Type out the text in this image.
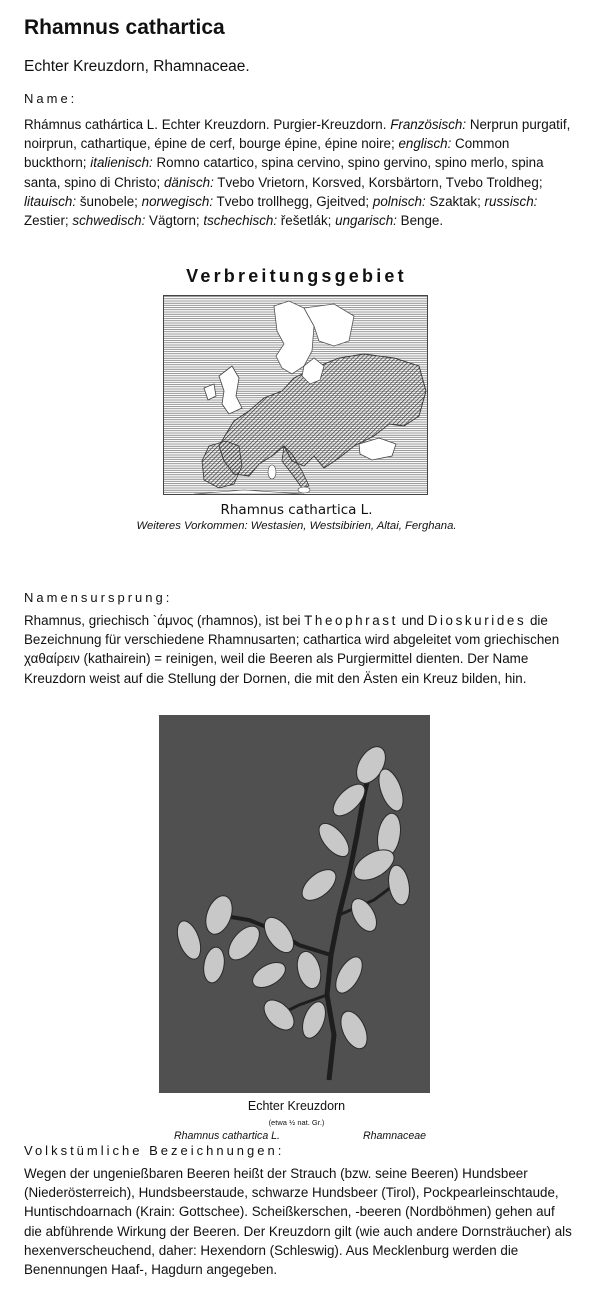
Rhamnus cathartica
Echter Kreuzdorn, Rhamnaceae.
Name:
Rhámnus cathártica L. Echter Kreuzdorn. Purgier-Kreuzdorn. Französisch: Nerprun purgatif, noirprun, cathartique, épine de cerf, bourge épine, épine noire; englisch: Common buckthorn; italienisch: Romno catartico, spina cervino, spino gervino, spino merlo, spina santa, spino di Christo; dänisch: Tvebo Vrietorn, Korsved, Korsbärtorn, Tvebo Troldheg; litauisch: šunobele; norwegisch: Tvebo trollhegg, Gjeitved; polnisch: Szaktak; russisch: Zestier; schwedisch: Vägtorn; tschechisch: řešetlák; ungarisch: Benge.
Verbreitungsgebiet
Rhamnus cathartica L.
Weiteres Vorkommen: Westasien, Westsibirien, Altai, Ferghana.
Namensursprung:
Rhamnus, griechisch `άμνος (rhamnos), ist bei Theophrast und Dioskurides die Bezeichnung für verschiedene Rhamnusarten; cathartica wird abgeleitet vom griechischen χαθαίρειν (kathairein) = reinigen, weil die Beeren als Purgiermittel dienten. Der Name Kreuzdorn weist auf die Stellung der Dornen, die mit den Ästen ein Kreuz bilden, hin.
Echter Kreuzdorn
(etwa ½ nat. Gr.)
Rhamnus cathartica L.	Rhamnaceae
Volkstümliche Bezeichnungen:
Wegen der ungenießbaren Beeren heißt der Strauch (bzw. seine Beeren) Hundsbeer (Niederösterreich), Hundsbeerstaude, schwarze Hundsbeer (Tirol), Pockpearleinschtaude, Huntischdoarnach (Krain: Gottschee). Scheißkerschen, -beeren (Nordböhmen) gehen auf die abführende Wirkung der Beeren. Der Kreuzdorn gilt (wie auch andere Dornsträucher) als hexenverscheuchend, daher: Hexendorn (Schleswig). Aus Mecklenburg werden die Benennungen Haaf-, Hagdurn angegeben.
